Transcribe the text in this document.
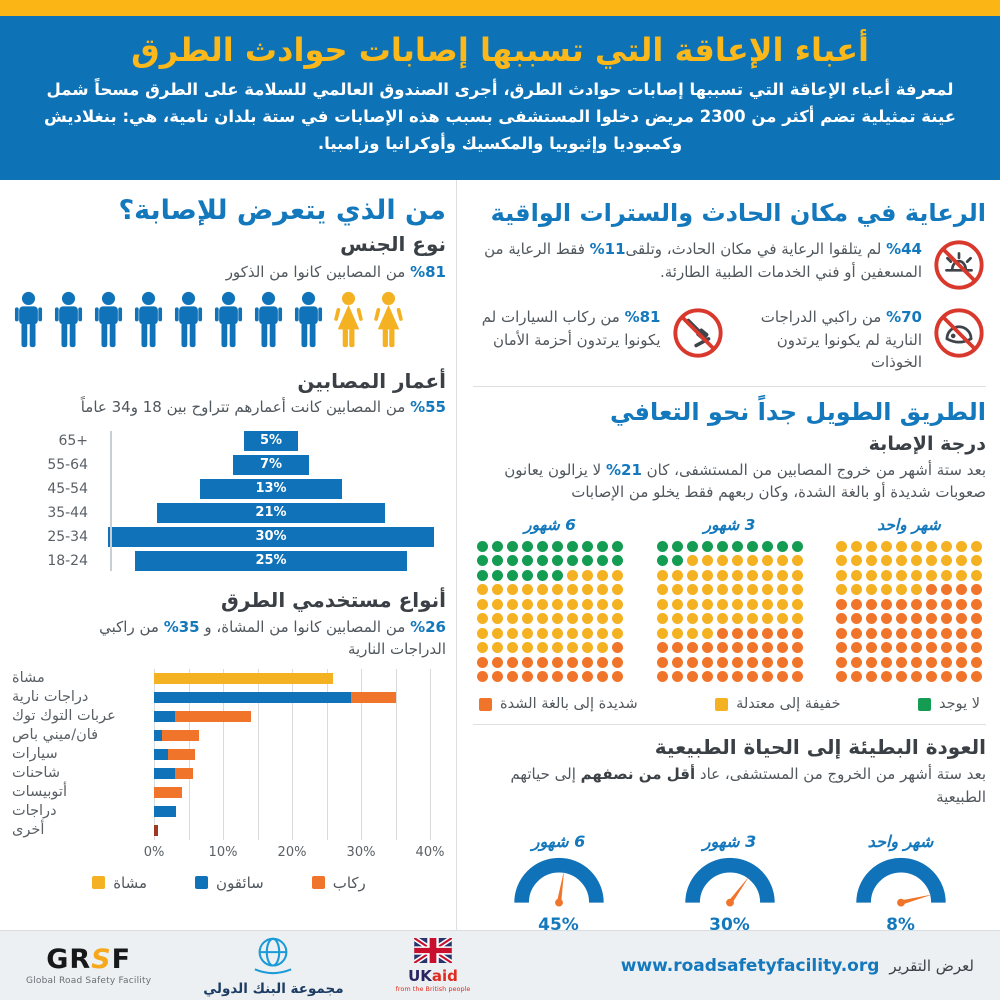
أعباء الإعاقة التي تسببها إصابات حوادث الطرق

لمعرفة أعباء الإعاقة التي تسببها إصابات حوادث الطرق، أجرى الصندوق العالمي للسلامة على الطرق مسحاً شمل عينة تمثيلية تضم أكثر من 2300 مريض دخلوا المستشفى بسبب هذه الإصابات في ستة بلدان نامية، هي: بنغلاديش وكمبوديا وإثيوبيا والمكسيك وأوكرانيا وزامبيا.

من الذي يتعرض للإصابة؟
نوع الجنس

%81 من المصابين كانوا من الذكور

أعمار المصابين

%55 من المصابين كانت أعمارهم تتراوح بين 18 و34 عاماً

65+	5%
55-64	7%
45-54	13%
35-44	21%
25-34	30%
18-24	25%
أنواع مستخدمي الطرق

%26 من المصابين كانوا من المشاة، و %35 من راكبي الدراجات النارية

مشاة
دراجات نارية
عربات التوك توك
فان/ميني باص
سيارات
شاحنات
أتوبيسات
دراجات
أخرى
0%	10%	20%	30%	40%
مشاة	سائقون	ركاب
الرعاية في مكان الحادث والسترات الواقية

%44 لم يتلقوا الرعاية في مكان الحادث، وتلقى%11 فقط الرعاية من المسعفين أو فني الخدمات الطبية الطارئة.

%70 من راكبي الدراجات النارية لم يكونوا يرتدون الخوذات

%81 من ركاب السيارات لم يكونوا يرتدون أحزمة الأمان

الطريق الطويل جداً نحو التعافي
درجة الإصابة

بعد ستة أشهر من خروج المصابين من المستشفى، كان %21 لا يزالون يعانون صعوبات شديدة أو بالغة الشدة، وكان ربعهم فقط يخلو من الإصابات

شهر واحد
3 شهور
6 شهور
لا يوجد
خفيفة إلى معتدلة
شديدة إلى بالغة الشدة
العودة البطيئة إلى الحياة الطبيعية

بعد ستة أشهر من الخروج من المستشفى، عاد أقل من نصفهم إلى حياتهم الطبيعية

شهر واحد
8%
3 شهور
30%
6 شهور
45%
GRSF
Global Road Safety Facility
مجموعة البنك الدولي
UKaid
from the British people
لعرض التقرير
www.roadsafetyfacility.org
